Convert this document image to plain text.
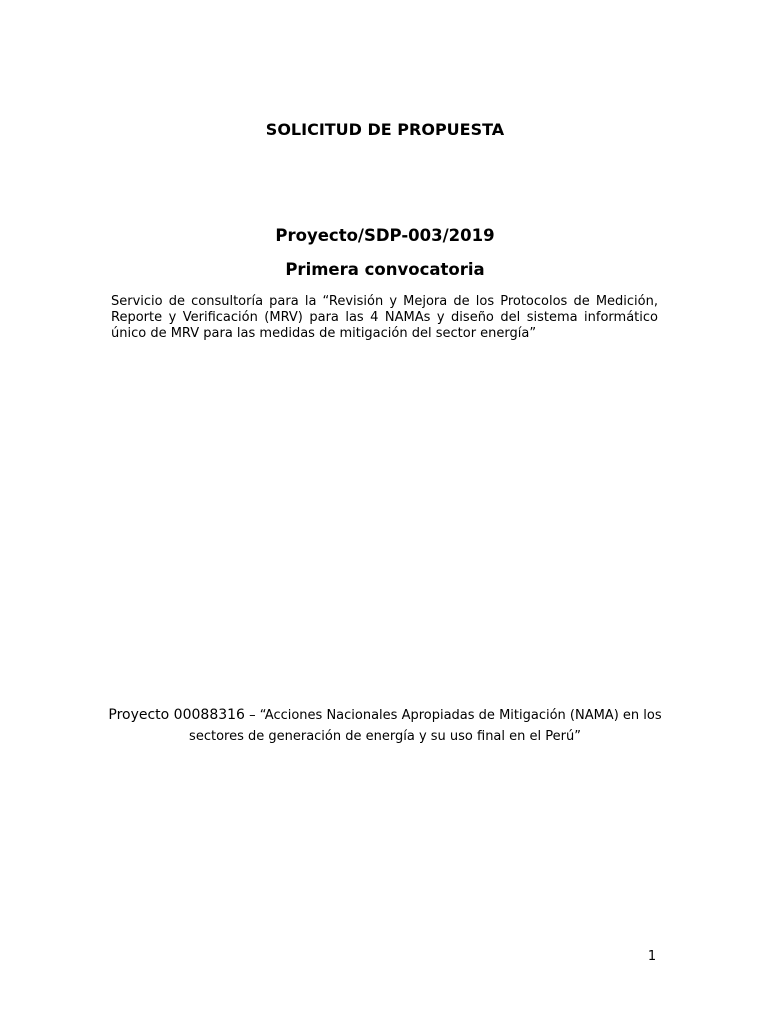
SOLICITUD DE PROPUESTA
Proyecto/SDP-003/2019
Primera convocatoria
Servicio de consultoría para la “Revisión y Mejora de los Protocolos de Medición, Reporte y Verificación (MRV) para las 4 NAMAs y diseño del sistema informático único de MRV para las medidas de mitigación del sector energía”
Proyecto 00088316 – “Acciones Nacionales Apropiadas de Mitigación (NAMA) en los sectores de generación de energía y su uso final en el Perú”
1
